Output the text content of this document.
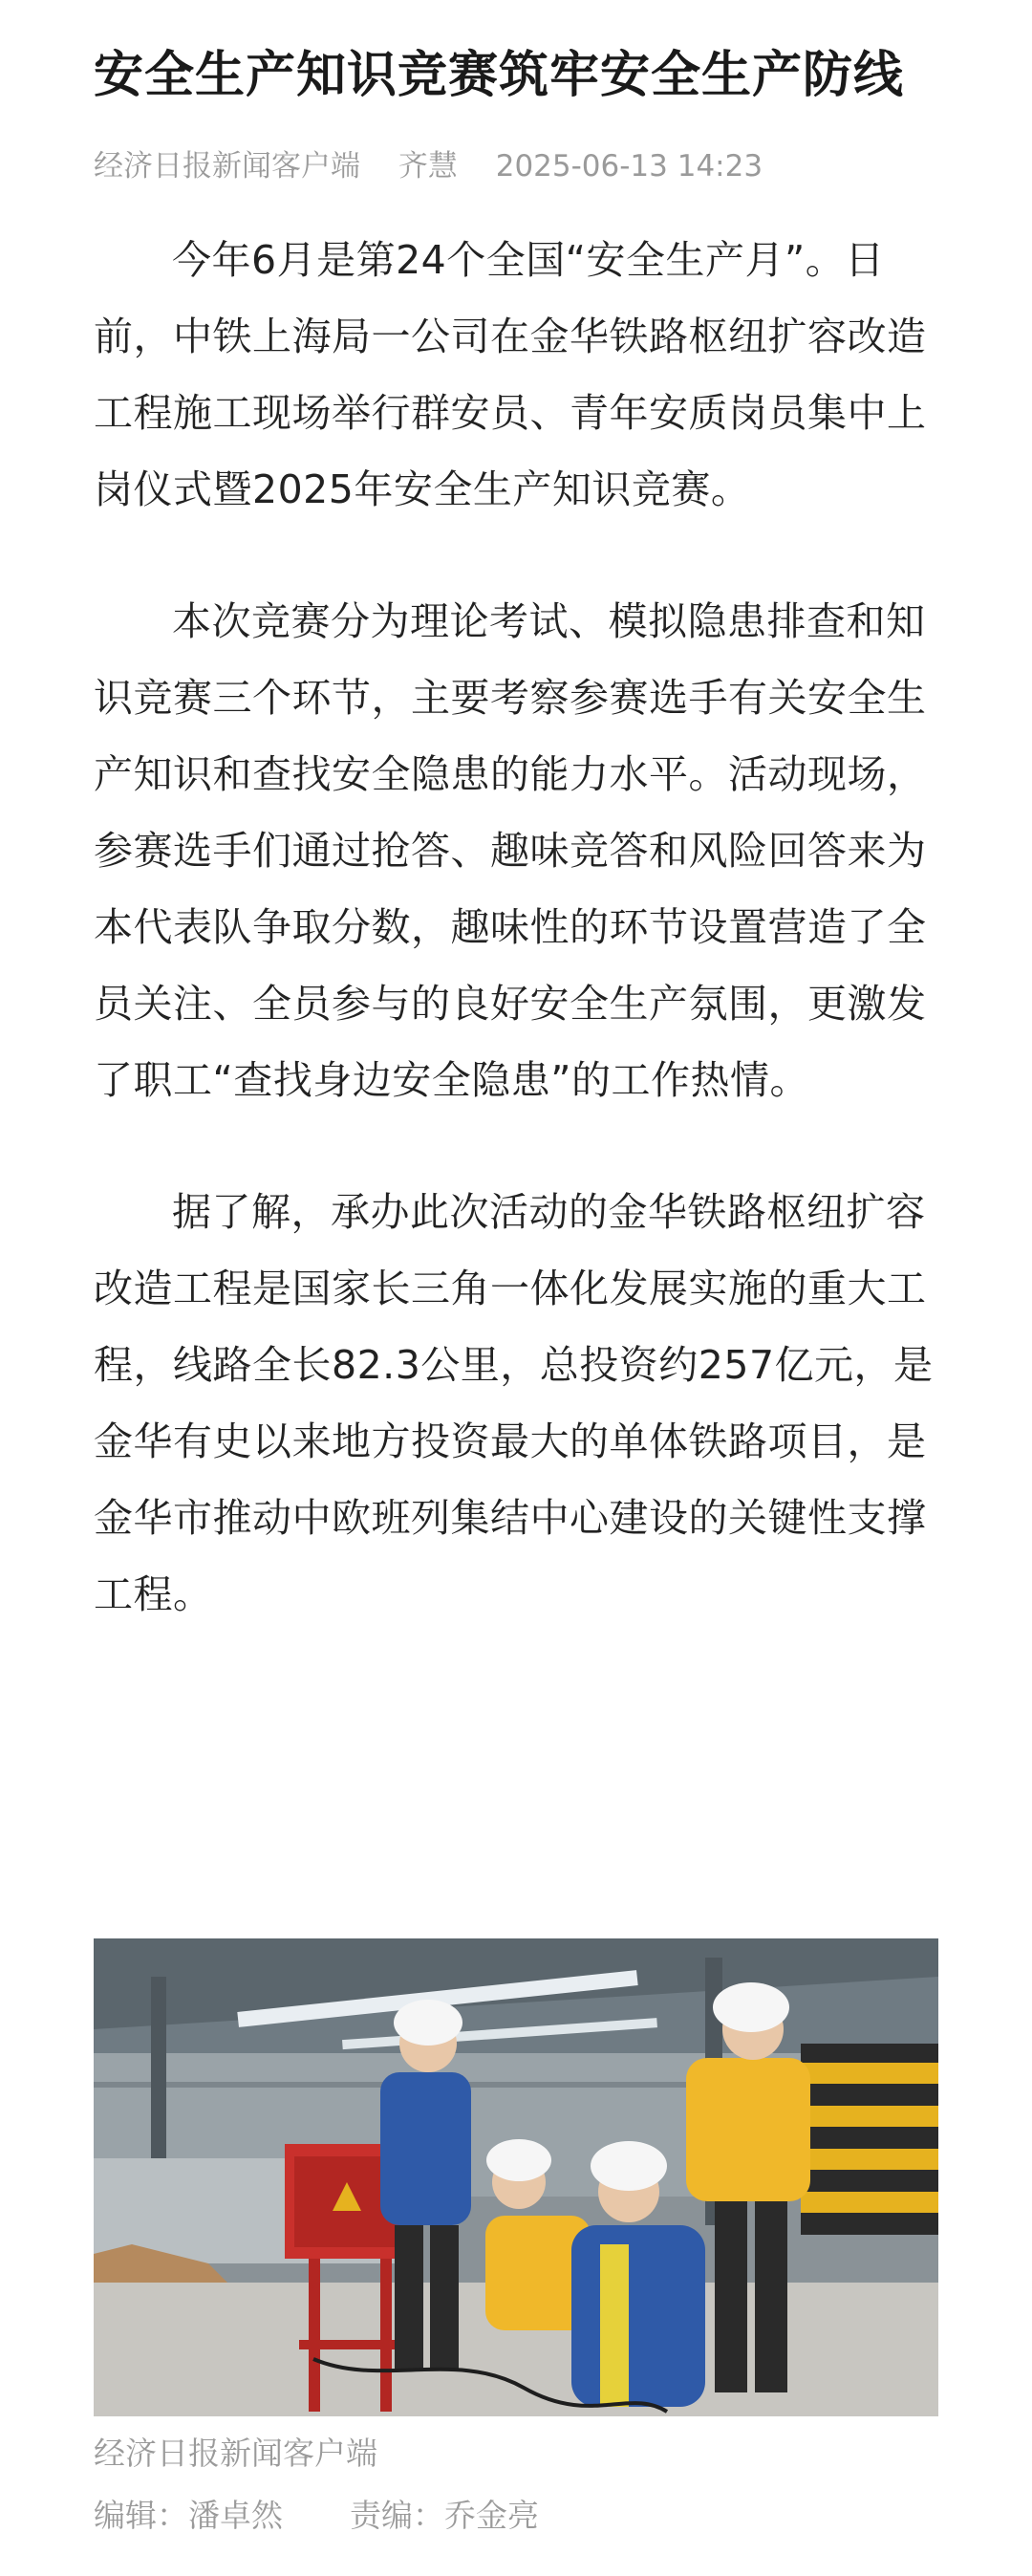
安全生产知识竞赛筑牢安全生产防线
经济日报新闻客户端 齐慧 2025-06-13 14:23

今年6月是第24个全国“安全生产月”。日前，中铁上海局一公司在金华铁路枢纽扩容改造工程施工现场举行群安员、青年安质岗员集中上岗仪式暨2025年安全生产知识竞赛。

本次竞赛分为理论考试、模拟隐患排查和知识竞赛三个环节，主要考察参赛选手有关安全生产知识和查找安全隐患的能力水平。活动现场，参赛选手们通过抢答、趣味竞答和风险回答来为本代表队争取分数，趣味性的环节设置营造了全员关注、全员参与的良好安全生产氛围，更激发了职工“查找身边安全隐患”的工作热情。

据了解，承办此次活动的金华铁路枢纽扩容改造工程是国家长三角一体化发展实施的重大工程，线路全长82.3公里，总投资约257亿元，是金华有史以来地方投资最大的单体铁路项目，是金华市推动中欧班列集结中心建设的关键性支撑工程。

经济日报新闻客户端
编辑：潘卓然 责编：乔金亮
